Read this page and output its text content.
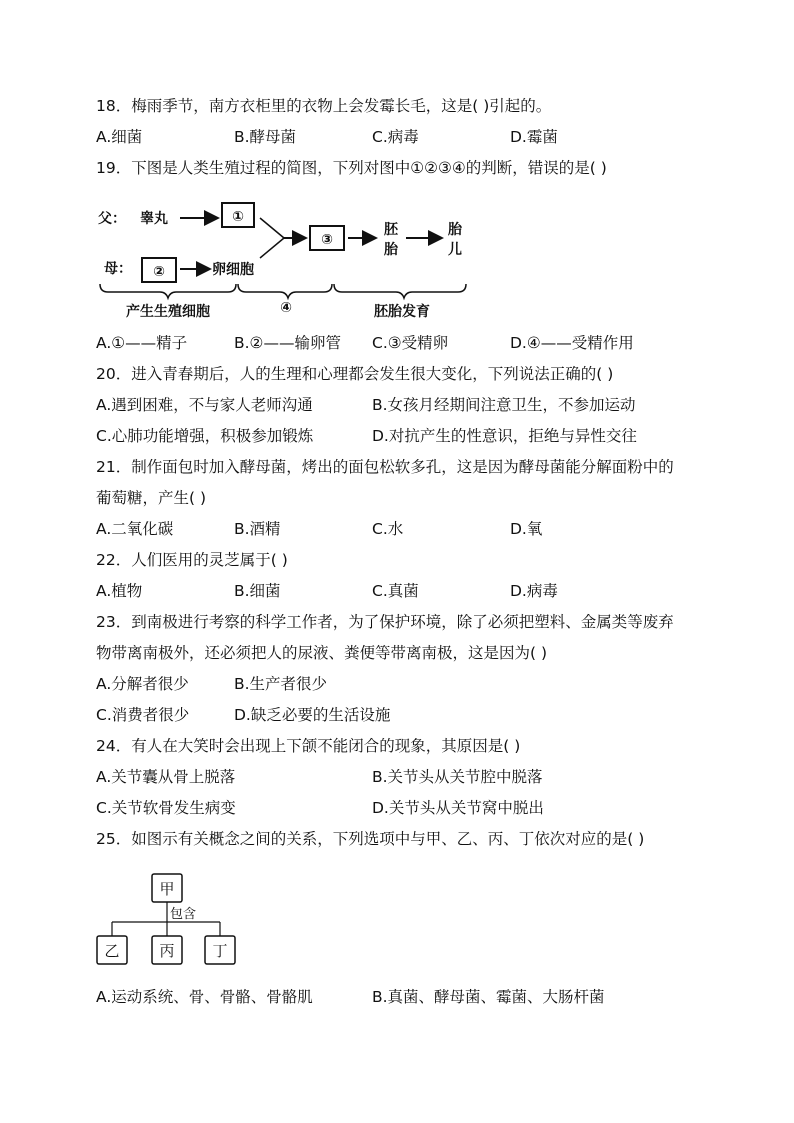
18．梅雨季节，南方衣柜里的衣物上会发霉长毛，这是( )引起的。
A.细菌	B.酵母菌	C.病毒	D.霉菌
19．下图是人类生殖过程的简图，下列对图中①②③④的判断，错误的是( )
父： 睾丸	①
母： ②	卵细胞
③
胚
胎
胎
儿
产生生殖细胞	④	胚胎发育
A.①——精子	B.②——输卵管 C.③受精卵	D.④——受精作用
20．进入青春期后，人的生理和心理都会发生很大变化，下列说法正确的( )
A.遇到困难，不与家人老师沟通	B.女孩月经期间注意卫生，不参加运动
C.心肺功能增强，积极参加锻炼	D.对抗产生的性意识，拒绝与异性交往
21．制作面包时加入酵母菌，烤出的面包松软多孔，这是因为酵母菌能分解面粉中的
葡萄糖，产生( )
A.二氧化碳	B.酒精	C.水	D.氧
22．人们医用的灵芝属于( )
A.植物	B.细菌	C.真菌	D.病毒
23．到南极进行考察的科学工作者，为了保护环境，除了必须把塑料、金属类等废弃
物带离南极外，还必须把人的尿液、粪便等带离南极，这是因为( )
A.分解者很少	B.生产者很少
C.消费者很少	D.缺乏必要的生活设施
24．有人在大笑时会出现上下颌不能闭合的现象，其原因是( )
A.关节囊从骨上脱落	B.关节头从关节腔中脱落
C.关节软骨发生病变	D.关节头从关节窝中脱出
25．如图示有关概念之间的关系，下列选项中与甲、乙、丙、丁依次对应的是( )
甲
包含
乙	丙	丁
A.运动系统、骨、骨骼、骨骼肌	B.真菌、酵母菌、霉菌、大肠杆菌
